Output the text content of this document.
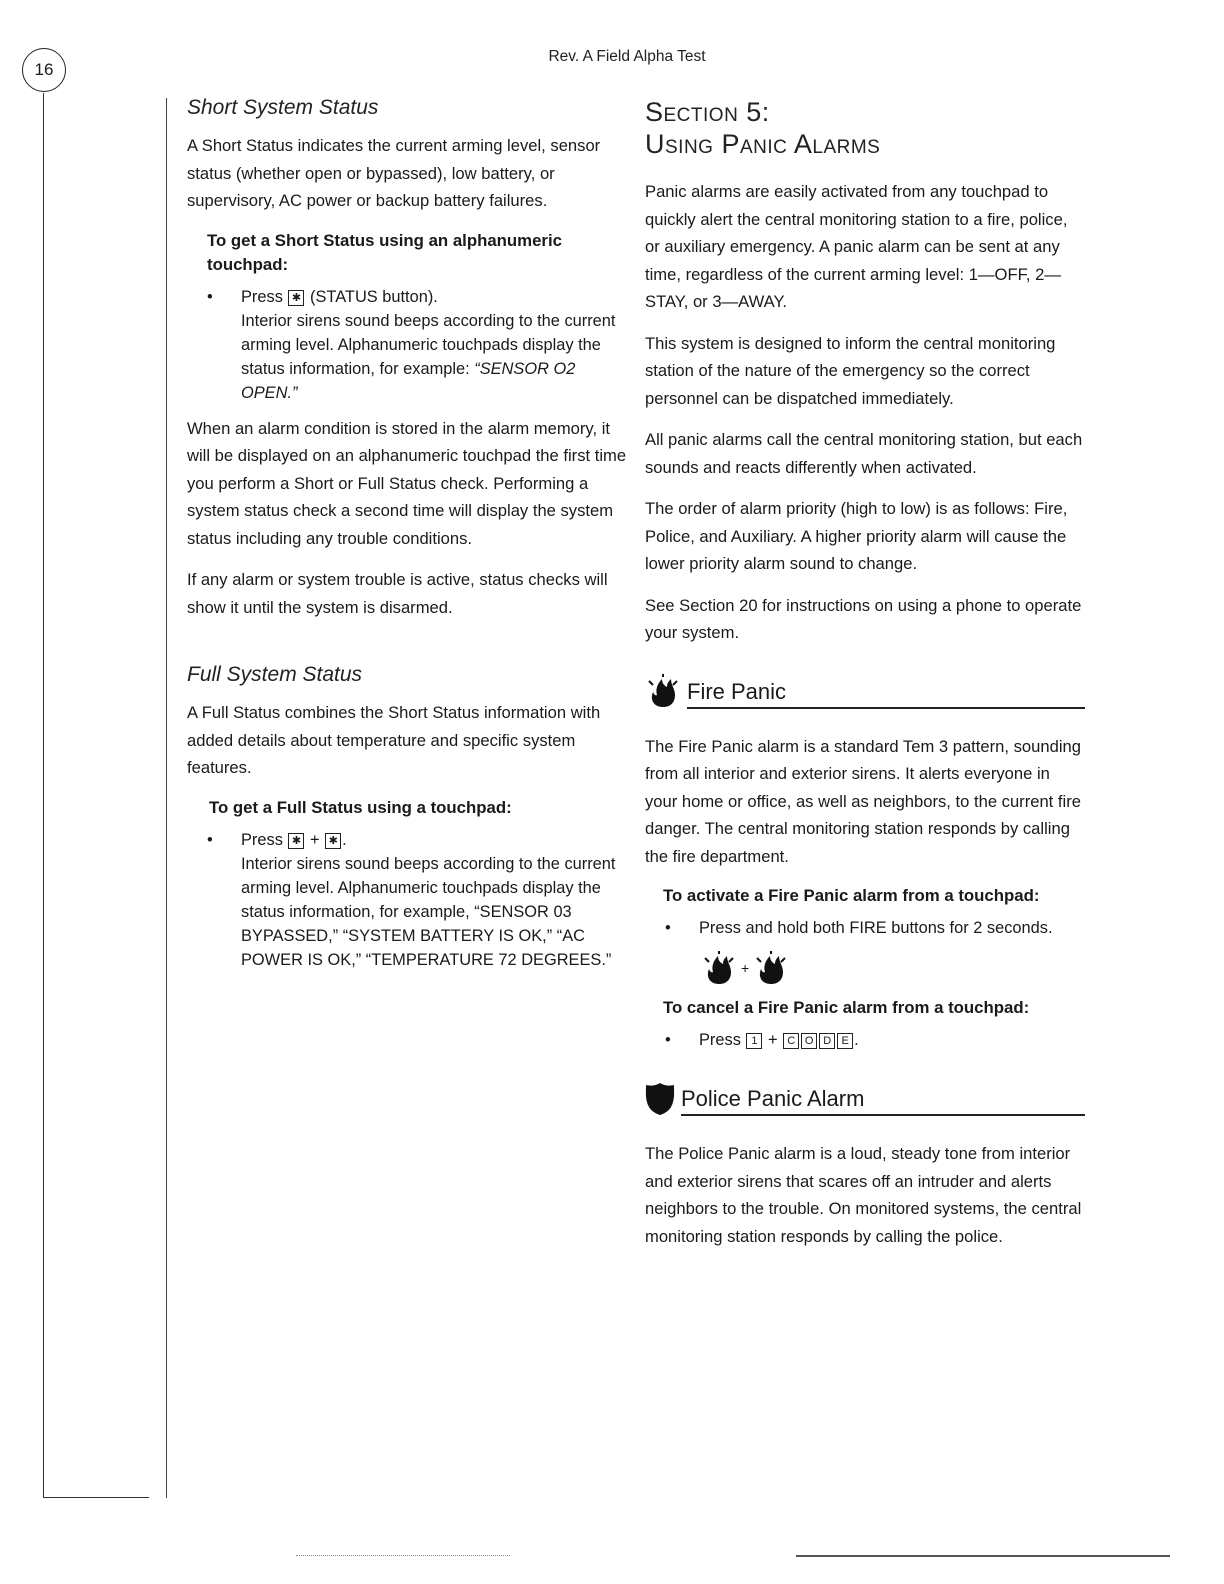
16
Rev. A Field Alpha Test
Short System Status

A Short Status indicates the current arming level, sensor status (whether open or bypassed), low battery, or supervisory, AC power or backup battery failures.

To get a Short Status using an alphanumeric touchpad:
• Press ✱ (STATUS button).
Interior sirens sound beeps according to the current arming level. Alphanumeric touchpads display the status information, for example: “SENSOR O2 OPEN.”

When an alarm condition is stored in the alarm memory, it will be displayed on an alphanumeric touchpad the first time you perform a Short or Full Status check. Performing a system status check a second time will display the system status including any trouble conditions.

If any alarm or system trouble is active, status checks will show it until the system is disarmed.

Full System Status

A Full Status combines the Short Status information with added details about temperature and specific system features.

To get a Full Status using a touchpad:
• Press ✱ + ✱ .
Interior sirens sound beeps according to the current arming level. Alphanumeric touchpads display the status information, for example, “SENSOR 03 BYPASSED,” “SYSTEM BATTERY IS OK,” “AC POWER IS OK,” “TEMPERATURE 72 DEGREES.”
Section 5:
Using Panic Alarms

Panic alarms are easily activated from any touchpad to quickly alert the central monitoring station to a fire, police, or auxiliary emergency. A panic alarm can be sent at any time, regardless of the current arming level: 1—OFF, 2—STAY, or 3—AWAY.

This system is designed to inform the central monitoring station of the nature of the emergency so the correct personnel can be dispatched immediately.

All panic alarms call the central monitoring station, but each sounds and reacts differently when activated.

The order of alarm priority (high to low) is as follows: Fire, Police, and Auxiliary. A higher priority alarm will cause the lower priority alarm sound to change.

See Section 20 for instructions on using a phone to operate your system.

Fire Panic

The Fire Panic alarm is a standard Tem 3 pattern, sounding from all interior and exterior sirens. It alerts everyone in your home or office, as well as neighbors, to the current fire danger. The central monitoring station responds by calling the fire department.

To activate a Fire Panic alarm from a touchpad:
• Press and hold both FIRE buttons for 2 seconds.
+
To cancel a Fire Panic alarm from a touchpad:
• Press 1 + C O D E .
Police Panic Alarm

The Police Panic alarm is a loud, steady tone from interior and exterior sirens that scares off an intruder and alerts neighbors to the trouble. On monitored systems, the central monitoring station responds by calling the police.
